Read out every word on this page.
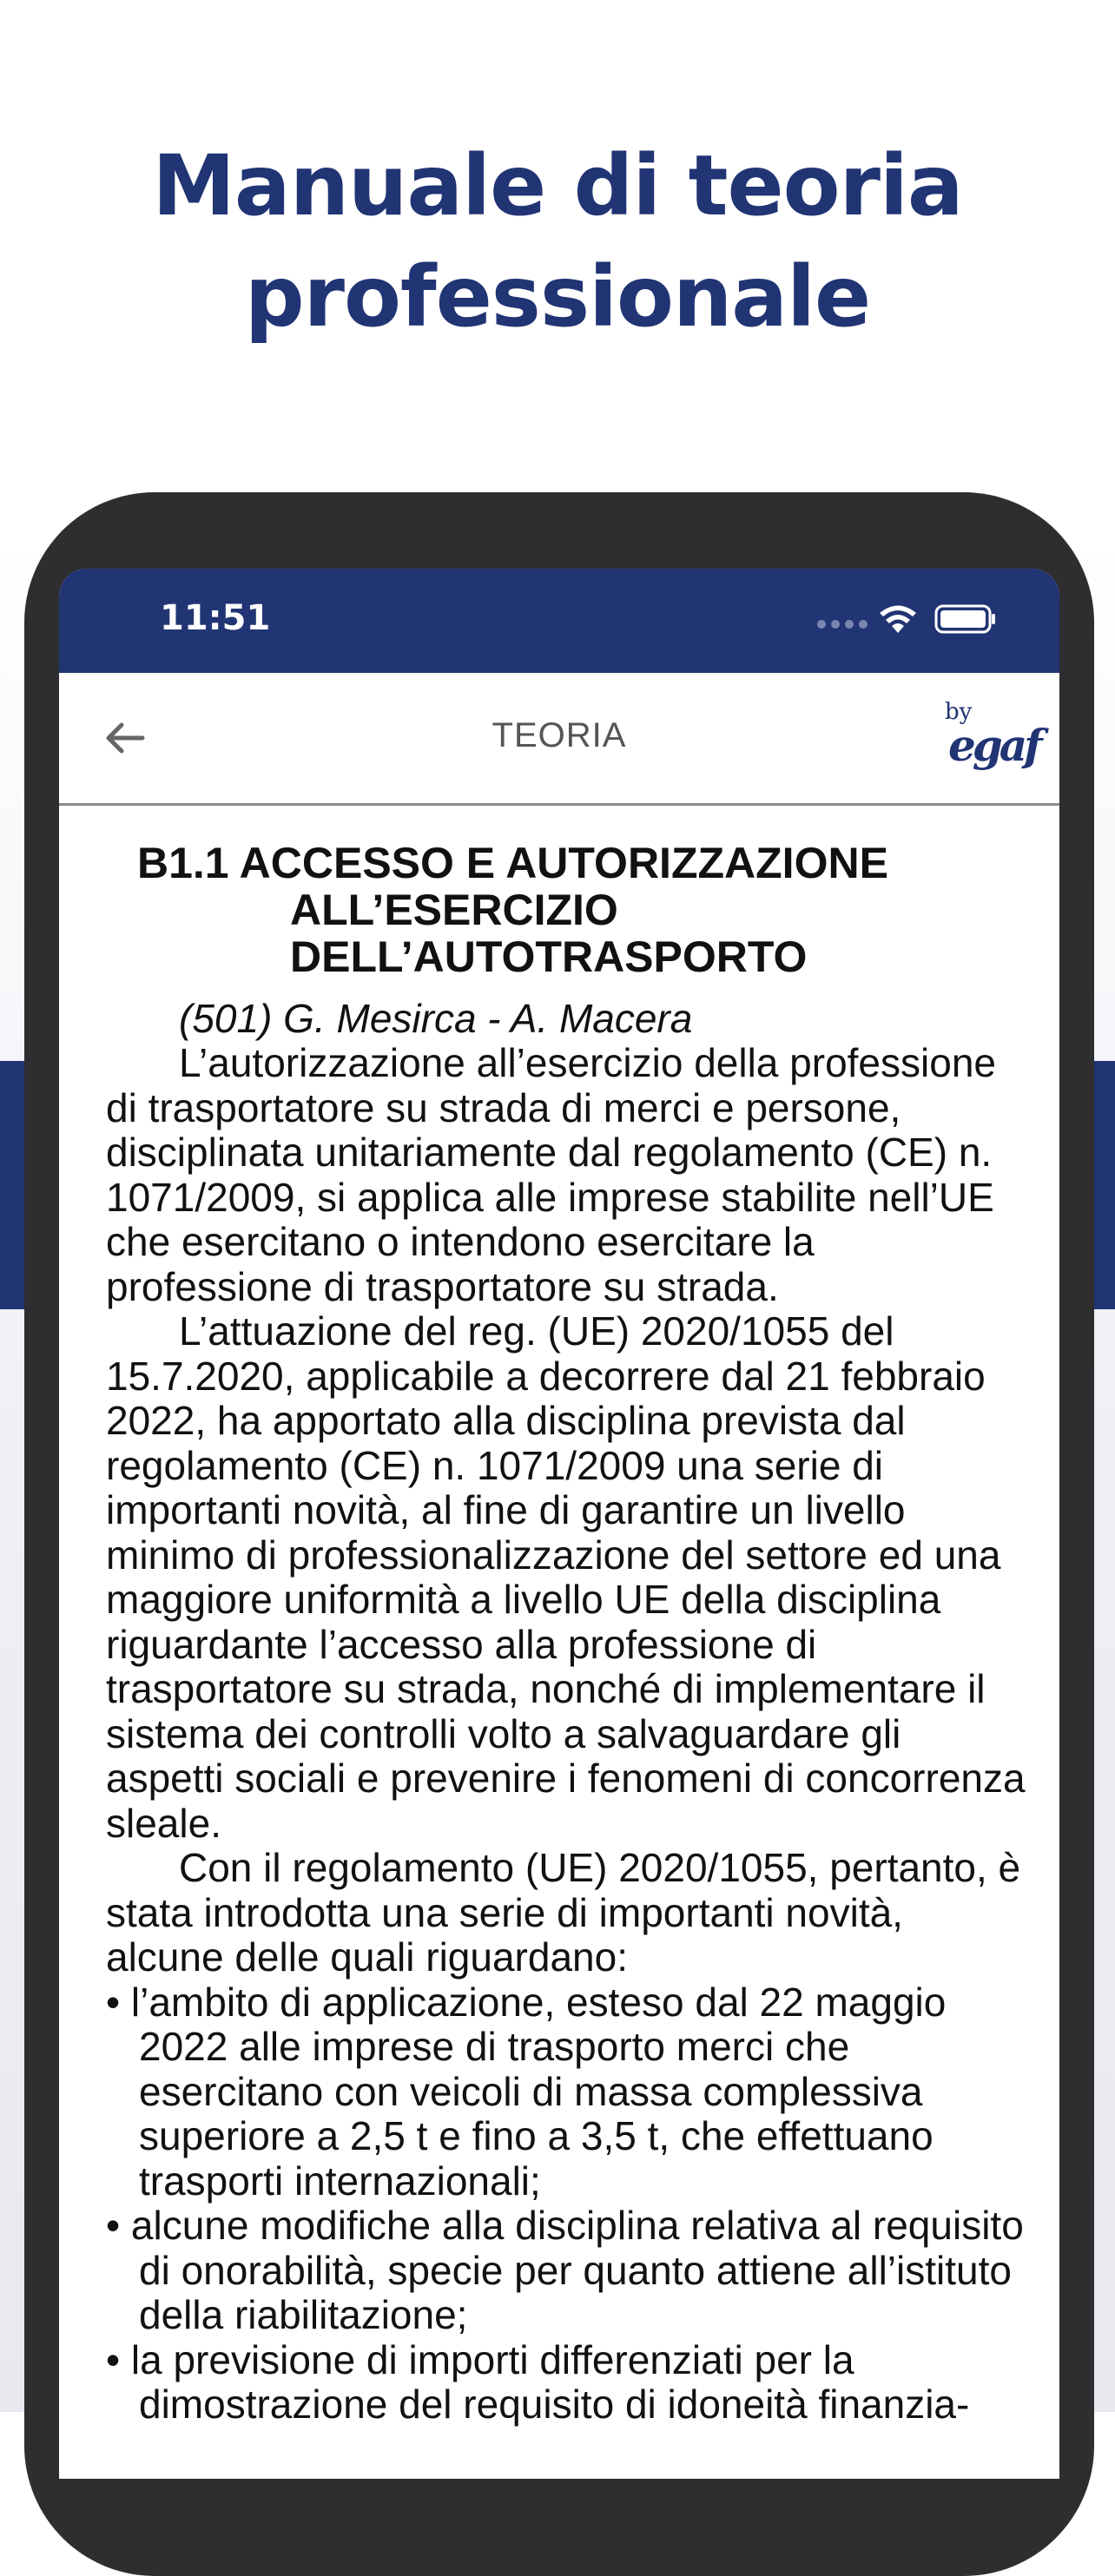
Manuale di teoria
professionale
11:51
TEORIA
by
egaf
B1.1 ACCESSO E AUTORIZZAZIONE
ALL’ESERCIZIO
DELL’AUTOTRASPORTO

(501) G. Mesirca - A. Macera

L’autorizzazione all’esercizio della professione di trasportatore su strada di merci e persone, disciplinata unitariamente dal regolamento (CE) n. 1071/2009, si applica alle imprese stabilite nell’UE che esercitano o intendono esercitare la professione di trasportatore su strada.

L’attuazione del reg. (UE) 2020/1055 del 15.7.2020, applicabile a decorrere dal 21 febbraio 2022, ha apportato alla disciplina prevista dal regolamento (CE) n. 1071/2009 una serie di importanti novità, al fine di garantire un livello minimo di professionalizzazione del settore ed una maggiore uniformità a livello UE della disciplina riguardante l’accesso alla professione di trasportatore su strada, nonché di implementare il sistema dei controlli volto a salvaguardare gli aspetti sociali e prevenire i fenomeni di concorrenza sleale.

Con il regolamento (UE) 2020/1055, pertanto, è stata introdotta una serie di importanti novità, alcune delle quali riguardano:

• l’ambito di applicazione, esteso dal 22 maggio 2022 alle imprese di trasporto merci che esercitano con veicoli di massa complessiva superiore a 2,5 t e fino a 3,5 t, che effettuano trasporti internazionali;
• alcune modifiche alla disciplina relativa al requisito di onorabilità, specie per quanto attiene all’istituto della riabilitazione;
• la previsione di importi differenziati per la dimostrazione del requisito di idoneità finanzia-
